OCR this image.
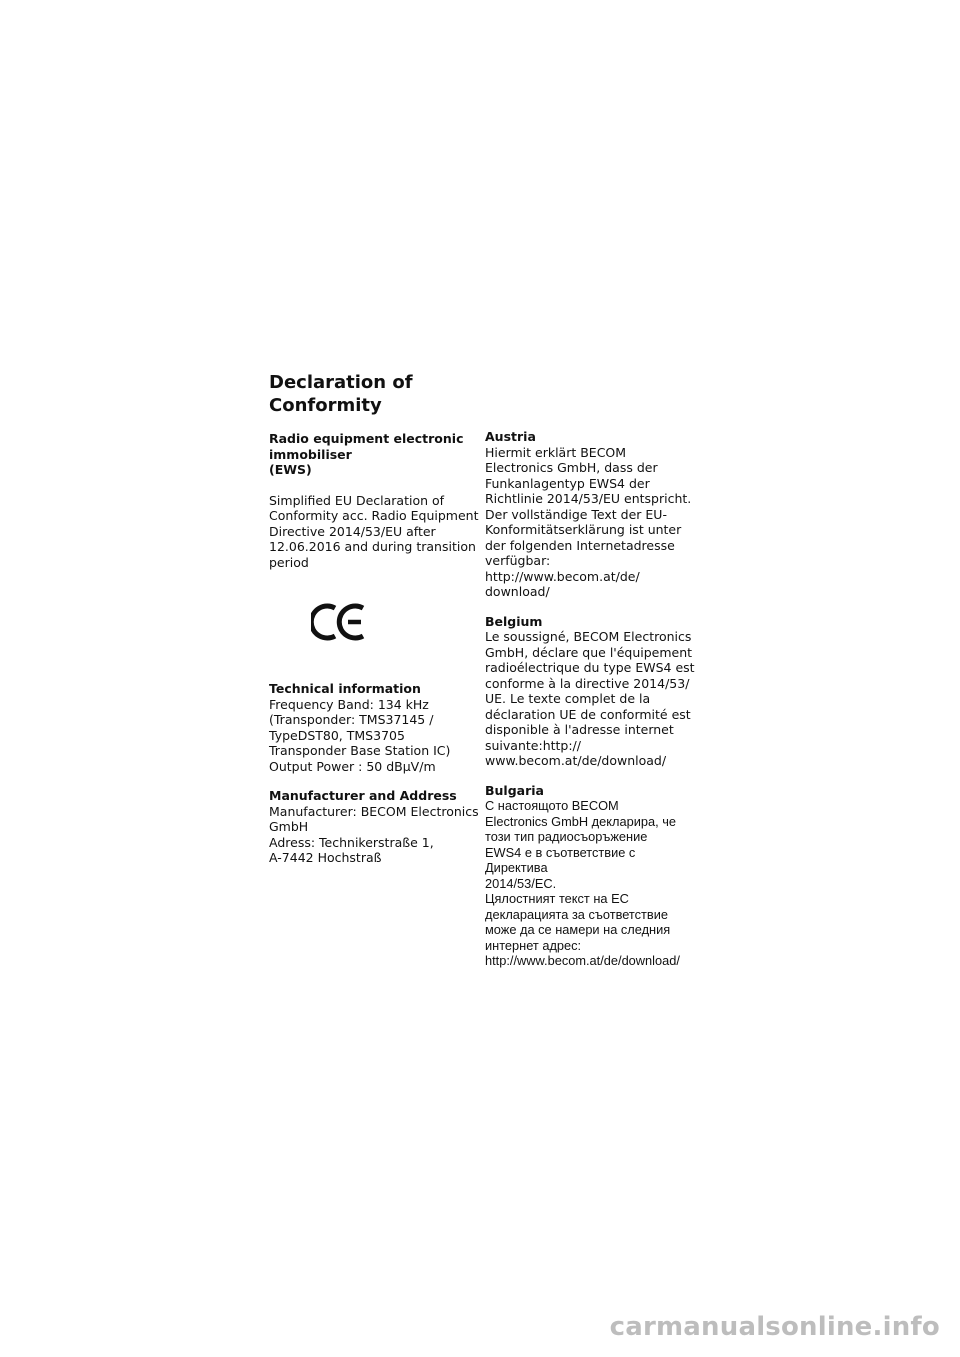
Declaration of
Conformity
Radio equipment electronic
immobiliser
(EWS)
Simplified EU Declaration of
Conformity acc. Radio Equipment
Directive 2014/53/EU after
12.06.2016 and during transition
period
Technical information
Frequency Band: 134 kHz
(Transponder: TMS37145 /
TypeDST80, TMS3705
Transponder Base Station IC)
Output Power : 50 dBµV/m
Manufacturer and Address
Manufacturer: BECOM Electronics
GmbH
Adress: Technikerstraße 1,
A-7442 Hochstraß
Austria
Hiermit erklärt BECOM
Electronics GmbH, dass der
Funkanlagentyp EWS4 der
Richtlinie 2014/53/EU entspricht.
Der vollständige Text der EU-
Konformitätserklärung ist unter
der folgenden Internetadresse
verfügbar:
http://www.becom.at/de/
download/
Belgium
Le soussigné, BECOM Electronics
GmbH, déclare que l'équipement
radioélectrique du type EWS4 est
conforme à la directive 2014/53/
UE. Le texte complet de la
déclaration UE de conformité est
disponible à l'adresse internet
suivante:http://
www.becom.at/de/download/
Bulgaria
С настоящото BECOM
Electronics GmbH декларира, че
този тип радиосъоръжение
EWS4 е в съответствие с
Директива
2014/53/ЕС.
Цялостният текст на ЕС
декларацията за съответствие
може да се намери на следния
интернет адрес:
http://www.becom.at/de/download/
carmanualsonline.info
